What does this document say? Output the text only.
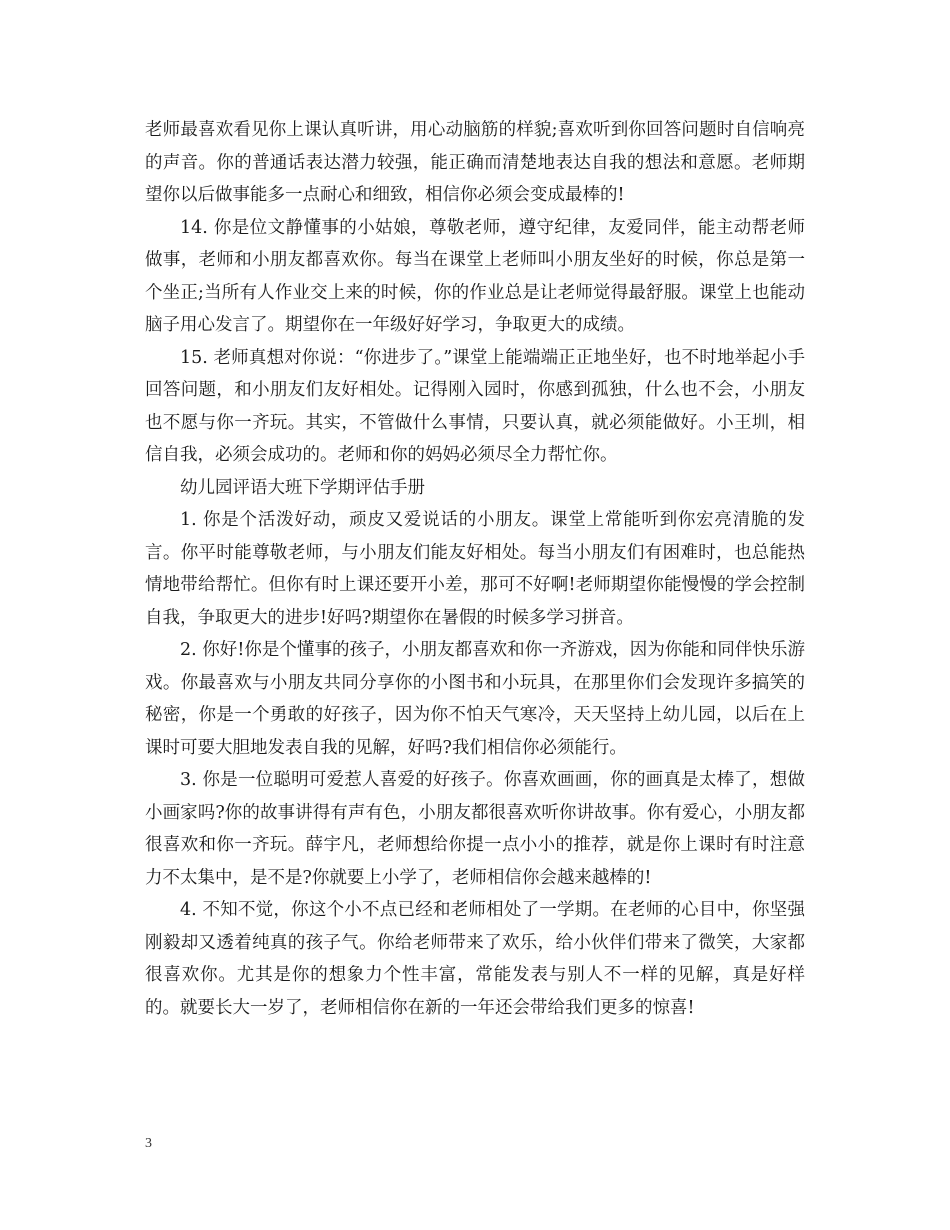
老师最喜欢看见你上课认真听讲，用心动脑筋的样貌;喜欢听到你回答问题时自信响亮的声音。你的普通话表达潜力较强，能正确而清楚地表达自我的想法和意愿。老师期望你以后做事能多一点耐心和细致，相信你必须会变成最棒的!

14. 你是位文静懂事的小姑娘，尊敬老师，遵守纪律，友爱同伴，能主动帮老师做事，老师和小朋友都喜欢你。每当在课堂上老师叫小朋友坐好的时候，你总是第一个坐正;当所有人作业交上来的时候，你的作业总是让老师觉得最舒服。课堂上也能动脑子用心发言了。期望你在一年级好好学习，争取更大的成绩。

15. 老师真想对你说：“你进步了。”课堂上能端端正正地坐好，也不时地举起小手回答问题，和小朋友们友好相处。记得刚入园时，你感到孤独，什么也不会，小朋友也不愿与你一齐玩。其实，不管做什么事情，只要认真，就必须能做好。小王圳，相信自我，必须会成功的。老师和你的妈妈必须尽全力帮忙你。

幼儿园评语大班下学期评估手册

1. 你是个活泼好动，顽皮又爱说话的小朋友。课堂上常能听到你宏亮清脆的发言。你平时能尊敬老师，与小朋友们能友好相处。每当小朋友们有困难时，也总能热情地带给帮忙。但你有时上课还要开小差，那可不好啊!老师期望你能慢慢的学会控制自我，争取更大的进步!好吗?期望你在暑假的时候多学习拼音。

2. 你好!你是个懂事的孩子，小朋友都喜欢和你一齐游戏，因为你能和同伴快乐游戏。你最喜欢与小朋友共同分享你的小图书和小玩具，在那里你们会发现许多搞笑的秘密，你是一个勇敢的好孩子，因为你不怕天气寒冷，天天坚持上幼儿园，以后在上课时可要大胆地发表自我的见解，好吗?我们相信你必须能行。

3. 你是一位聪明可爱惹人喜爱的好孩子。你喜欢画画，你的画真是太棒了，想做小画家吗?你的故事讲得有声有色，小朋友都很喜欢听你讲故事。你有爱心，小朋友都很喜欢和你一齐玩。薛宇凡，老师想给你提一点小小的推荐，就是你上课时有时注意力不太集中，是不是?你就要上小学了，老师相信你会越来越棒的!

4. 不知不觉，你这个小不点已经和老师相处了一学期。在老师的心目中，你坚强刚毅却又透着纯真的孩子气。你给老师带来了欢乐，给小伙伴们带来了微笑，大家都很喜欢你。尤其是你的想象力个性丰富，常能发表与别人不一样的见解，真是好样的。就要长大一岁了，老师相信你在新的一年还会带给我们更多的惊喜!

3
